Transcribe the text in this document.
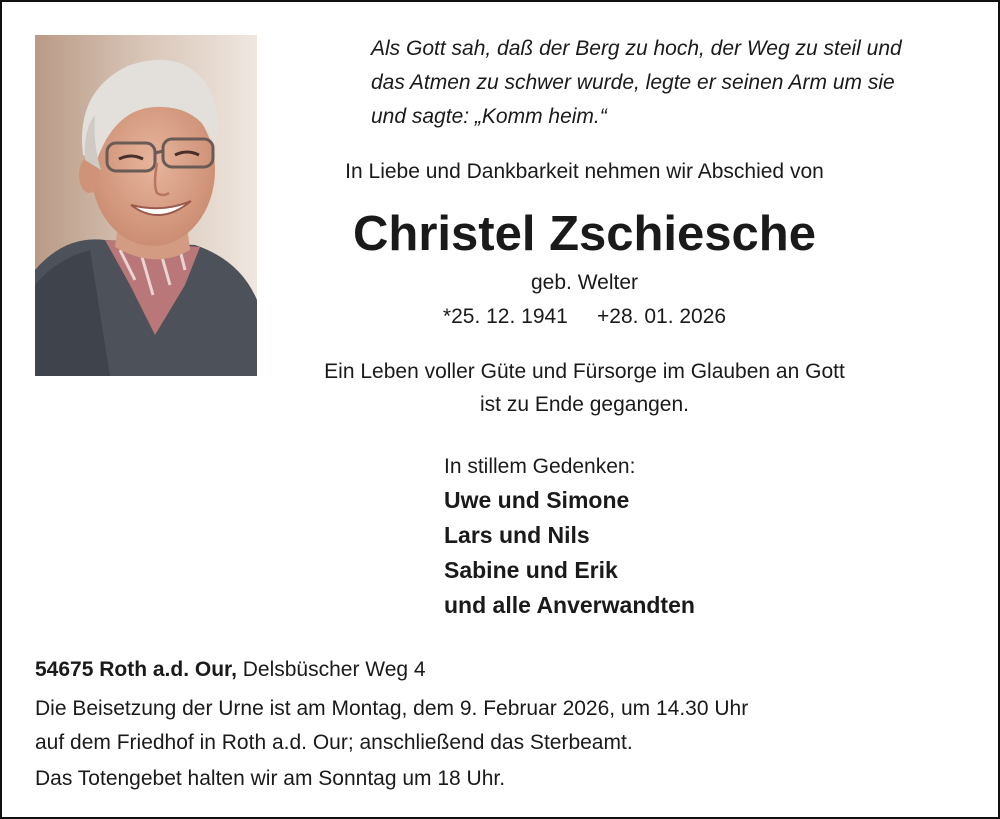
Als Gott sah, daß der Berg zu hoch, der Weg zu steil und
das Atmen zu schwer wurde, legte er seinen Arm um sie
und sagte: „Komm heim.“
In Liebe und Dankbarkeit nehmen wir Abschied von
Christel Zschiesche
geb. Welter
*25. 12. 1941     +28. 01. 2026
Ein Leben voller Güte und Fürsorge im Glauben an Gott
ist zu Ende gegangen.
In stillem Gedenken:
Uwe und Simone
Lars und Nils
Sabine und Erik
und alle Anverwandten
54675 Roth a.d. Our, Delsbüscher Weg 4
Die Beisetzung der Urne ist am Montag, dem 9. Februar 2026, um 14.30 Uhr
auf dem Friedhof in Roth a.d. Our; anschließend das Sterbeamt.
Das Totengebet halten wir am Sonntag um 18 Uhr.
